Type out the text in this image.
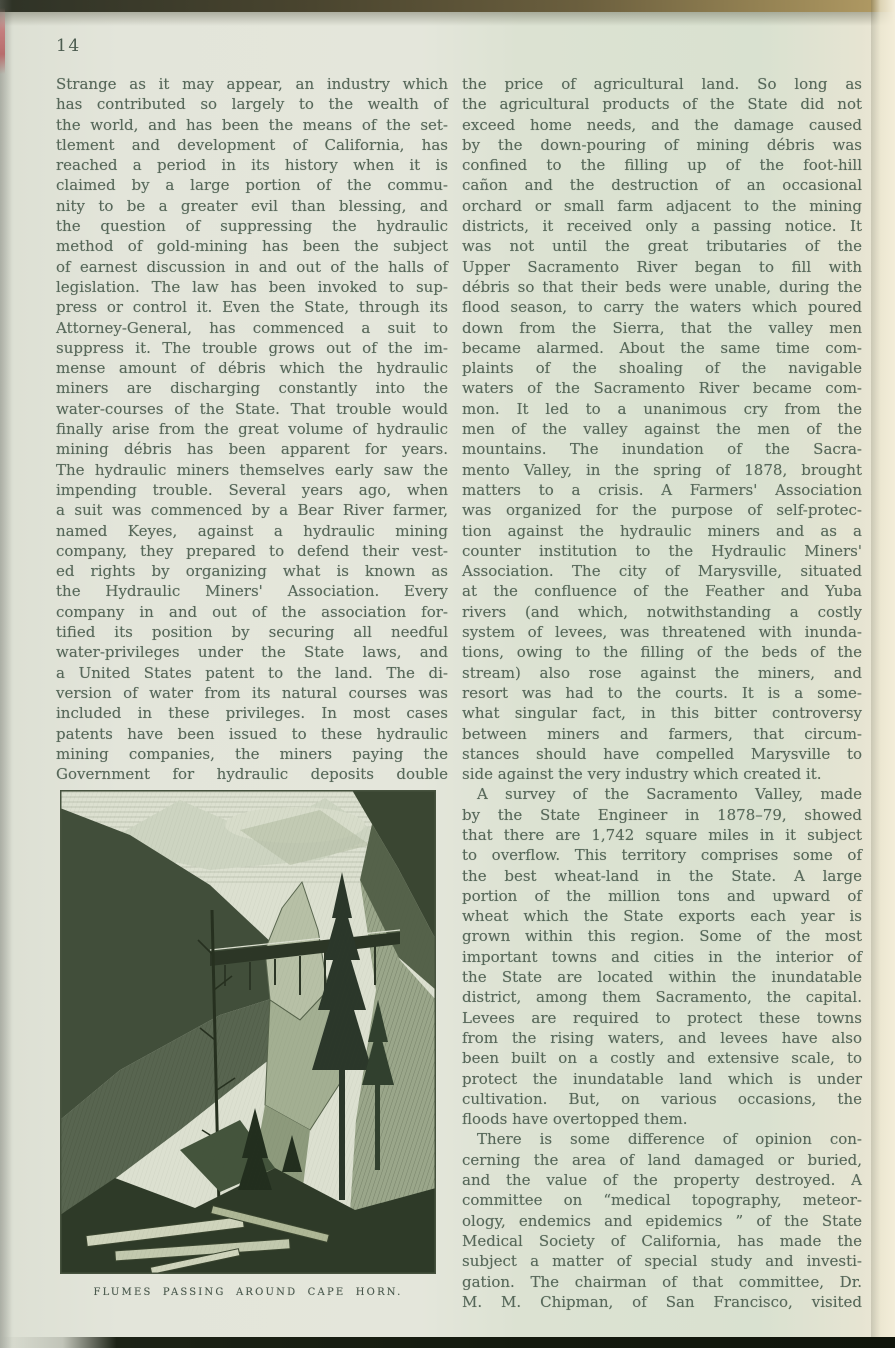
14
Strange as it may appear, an industry which
has contributed so largely to the wealth of
the world, and has been the means of the set-
tlement and development of California, has
reached a period in its history when it is
claimed by a large portion of the commu-
nity to be a greater evil than blessing, and
the question of suppressing the hydraulic
method of gold-mining has been the subject
of earnest discussion in and out of the halls of
legislation. The law has been invoked to sup-
press or control it. Even the State, through its
Attorney-General, has commenced a suit to
suppress it. The trouble grows out of the im-
mense amount of débris which the hydraulic
miners are discharging constantly into the
water-courses of the State. That trouble would
finally arise from the great volume of hydraulic
mining débris has been apparent for years.
The hydraulic miners themselves early saw the
impending trouble. Several years ago, when
a suit was commenced by a Bear River farmer,
named Keyes, against a hydraulic mining
company, they prepared to defend their vest-
ed rights by organizing what is known as
the Hydraulic Miners' Association. Every
company in and out of the association for-
tified its position by securing all needful
water-privileges under the State laws, and
a United States patent to the land. The di-
version of water from its natural courses was
included in these privileges. In most cases
patents have been issued to these hydraulic
mining companies, the miners paying the
Government for hydraulic deposits double
the price of agricultural land. So long as
the agricultural products of the State did not
exceed home needs, and the damage caused
by the down-pouring of mining débris was
confined to the filling up of the foot-hill
cañon and the destruction of an occasional
orchard or small farm adjacent to the mining
districts, it received only a passing notice. It
was not until the great tributaries of the
Upper Sacramento River began to fill with
débris so that their beds were unable, during the
flood season, to carry the waters which poured
down from the Sierra, that the valley men
became alarmed. About the same time com-
plaints of the shoaling of the navigable
waters of the Sacramento River became com-
mon. It led to a unanimous cry from the
men of the valley against the men of the
mountains. The inundation of the Sacra-
mento Valley, in the spring of 1878, brought
matters to a crisis. A Farmers' Association
was organized for the purpose of self-protec-
tion against the hydraulic miners and as a
counter institution to the Hydraulic Miners'
Association. The city of Marysville, situated
at the confluence of the Feather and Yuba
rivers (and which, notwithstanding a costly
system of levees, was threatened with inunda-
tions, owing to the filling of the beds of the
stream) also rose against the miners, and
resort was had to the courts. It is a some-
what singular fact, in this bitter controversy
between miners and farmers, that circum-
stances should have compelled Marysville to
side against the very industry which created it.
A survey of the Sacramento Valley, made
by the State Engineer in 1878–79, showed
that there are 1,742 square miles in it subject
to overflow. This territory comprises some of
the best wheat-land in the State. A large
portion of the million tons and upward of
wheat which the State exports each year is
grown within this region. Some of the most
important towns and cities in the interior of
the State are located within the inundatable
district, among them Sacramento, the capital.
Levees are required to protect these towns
from the rising waters, and levees have also
been built on a costly and extensive scale, to
protect the inundatable land which is under
cultivation. But, on various occasions, the
floods have overtopped them.
There is some difference of opinion con-
cerning the area of land damaged or buried,
and the value of the property destroyed. A
committee on “medical topography, meteor-
ology, endemics and epidemics ” of the State
Medical Society of California, has made the
subject a matter of special study and investi-
gation. The chairman of that committee, Dr.
M. M. Chipman, of San Francisco, visited
FLUMES PASSING AROUND CAPE HORN.
